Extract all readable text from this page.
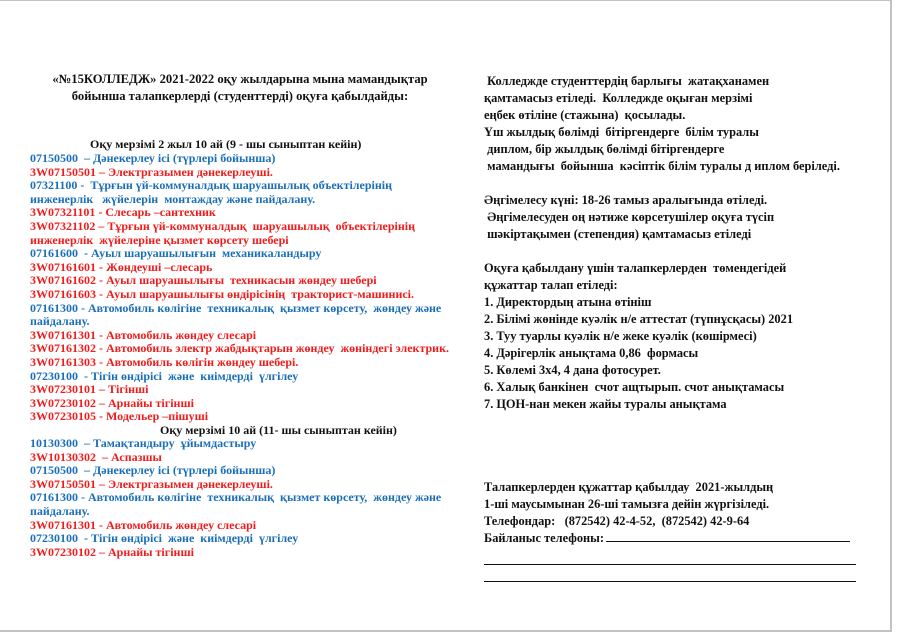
«№15КОЛЛЕДЖ» 2021-2022 оқу жылдарына мына мамандықтар
бойынша талапкерлерді (студенттерді) оқуға қабылдайды:
Оқу мерзімі 2 жыл 10 ай (9 - шы сыныптан кейін)
07150500  – Дәнекерлеу ісі (түрлері бойынша)
3W07150501 – Электргазымен дәнекерлеуші.
07321100 -  Тұрғын үй-коммуналдық шаруашылық объектілерінің инженерлік   жүйелерін  монтаждау және пайдалану.
3W07321101 - Слесарь –сантехник
3W07321102 – Тұрғын үй-коммуналдық  шаруашылық  объектілерінің инженерлік  жүйелеріне қызмет көрсету шебері
07161600  - Ауыл шаруашылығын  механикаландыру
3W07161601 - Жөндеуші –слесарь
3W07161602 - Ауыл шаруашылығы  техникасын жөндеу шебері
3W07161603 - Ауыл шаруашылығы өндірісінің  тракторист-машинисі.
07161300 - Автомобиль көлігіне  техникалық  қызмет көрсету,  жөндеу және  пайдалану.
3W07161301 - Автомобиль жөндеу слесарі
3W07161302 - Автомобиль электр жабдықтарын жөндеу  жөніндегі электрик.
3W07161303 - Автомобиль көлігін жөндеу шебері.
07230100  - Тігін өндірісі  және  киімдерді  үлгілеу
3W07230101 – Тігінші
3W07230102 – Арнайы тігінші
3W07230105 - Модельер –пішуші
Оқу мерзімі 10 ай (11- шы сыныптан кейін)
10130300  – Тамақтандыру  ұйымдастыру
3W10130302  – Аспазшы
07150500  – Дәнекерлеу ісі (түрлері бойынша)
3W07150501 – Электргазымен дәнекерлеуші.
07161300 - Автомобиль көлігіне  техникалық  қызмет көрсету,  жөндеу және пайдалану.
3W07161301 - Автомобиль жөндеу слесарі
07230100  - Тігін өндірісі  және  киімдерді  үлгілеу
3W07230102 – Арнайы тігінші
Колледжде студенттердің барлығы  жатақханамен
қамтамасыз етіледі.  Колледжде оқыған мерзімі
еңбек өтіліне (стажына)  қосылады.
Үш жылдық бөлімді  бітіргендерге  білім туралы
диплом, бір жылдық бөлімді бітіргендерге
мамандығы  бойынша  кәсіптік білім туралы д иплом беріледі.
Әңгімелесу күні: 18-26 тамыз аралығында өтіледі.
Әңгімелесуден оң нәтиже көрсетушілер оқуға түсіп
шәкіртақымен (степендия) қамтамасыз етіледі
Оқуға қабылдану үшін талапкерлерден  төмендегідей
құжаттар талап етіледі:
1. Директордың атына өтініш
2. Білімі жөнінде куәлік н/е аттестат (түпнұсқасы) 2021
3. Туу туарлы куәлік н/е жеке куәлік (көшірмесі)
4. Дәрігерлік анықтама 0,86  формасы
5. Көлемі 3х4, 4 дана фотосурет.
6. Халық банкінен  счот ащтырып. счот анықтамасы
7. ЦОН-нан мекен жайы туралы анықтама
Талапкерлерден құжаттар қабылдау  2021-жылдың
1-ші маусымынан 26-ші тамызға дейін жүргізіледі.
Телефондар:   (872542) 42-4-52,  (872542) 42-9-64
Байланыс телефоны:
